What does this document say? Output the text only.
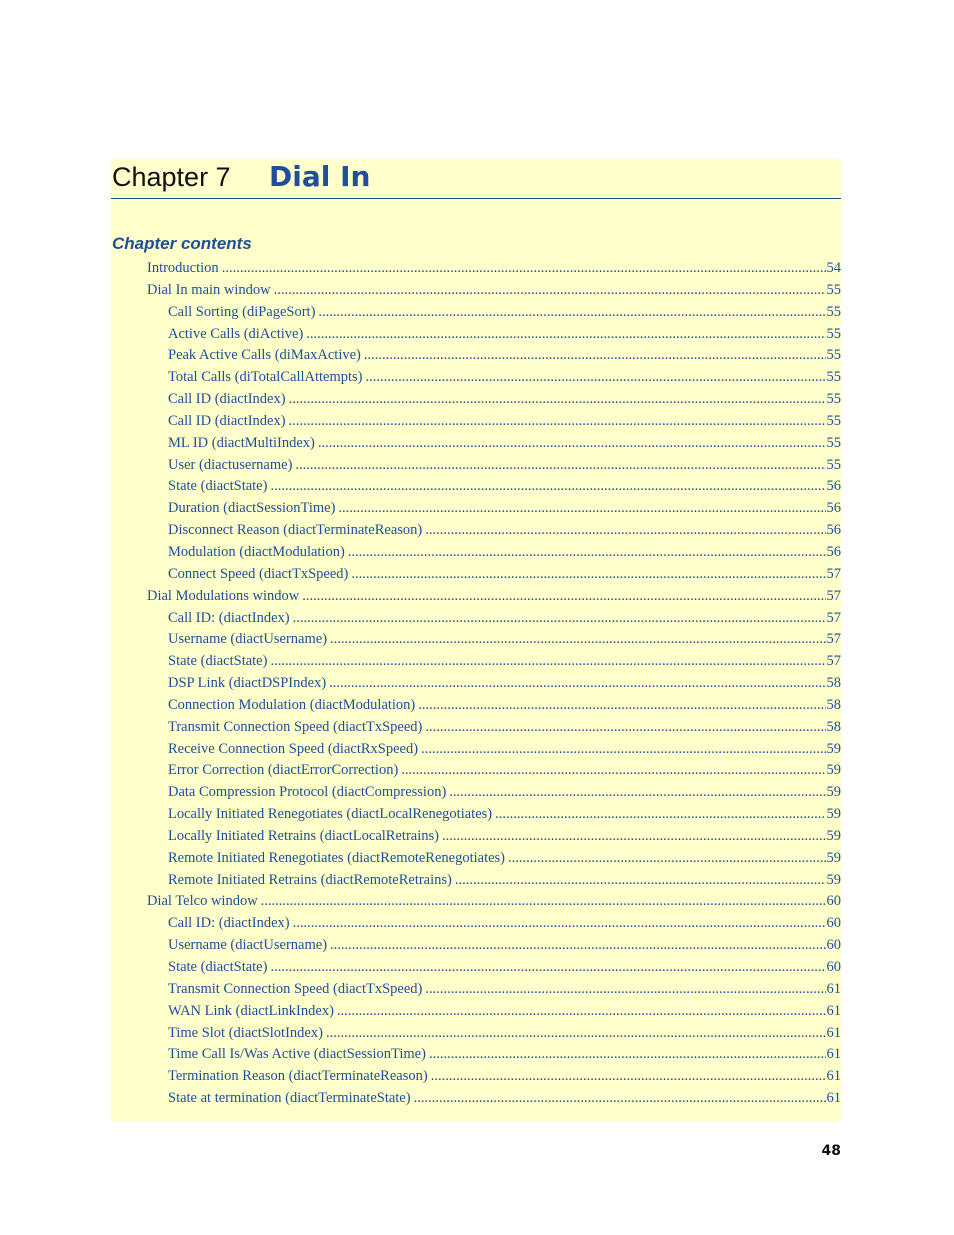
Chapter 7 Dial In
Chapter contents
Introduction .....	54
Dial In main window .....	55
Call Sorting (diPageSort) .....	55
Active Calls (diActive) .....	55
Peak Active Calls (diMaxActive) .....	55
Total Calls (diTotalCallAttempts) .....	55
Call ID (diactIndex) .....	55
Call ID (diactIndex) .....	55
ML ID (diactMultiIndex) .....	55
User (diactusername) .....	55
State (diactState) .....	56
Duration (diactSessionTime) .....	56
Disconnect Reason (diactTerminateReason) .....	56
Modulation (diactModulation) .....	56
Connect Speed (diactTxSpeed) .....	57
Dial Modulations window .....	57
Call ID: (diactIndex) .....	57
Username (diactUsername) .....	57
State (diactState) .....	57
DSP Link (diactDSPIndex) .....	58
Connection Modulation (diactModulation) .....	58
Transmit Connection Speed (diactTxSpeed) .....	58
Receive Connection Speed (diactRxSpeed) .....	59
Error Correction (diactErrorCorrection) .....	59
Data Compression Protocol (diactCompression) .....	59
Locally Initiated Renegotiates (diactLocalRenegotiates) .....	59
Locally Initiated Retrains (diactLocalRetrains) .....	59
Remote Initiated Renegotiates (diactRemoteRenegotiates) .....	59
Remote Initiated Retrains (diactRemoteRetrains) .....	59
Dial Telco window .....	60
Call ID: (diactIndex) .....	60
Username (diactUsername) .....	60
State (diactState) .....	60
Transmit Connection Speed (diactTxSpeed) .....	61
WAN Link (diactLinkIndex) .....	61
Time Slot (diactSlotIndex) .....	61
Time Call Is/Was Active (diactSessionTime) .....	61
Termination Reason (diactTerminateReason) .....	61
State at termination (diactTerminateState) .....	61
48
